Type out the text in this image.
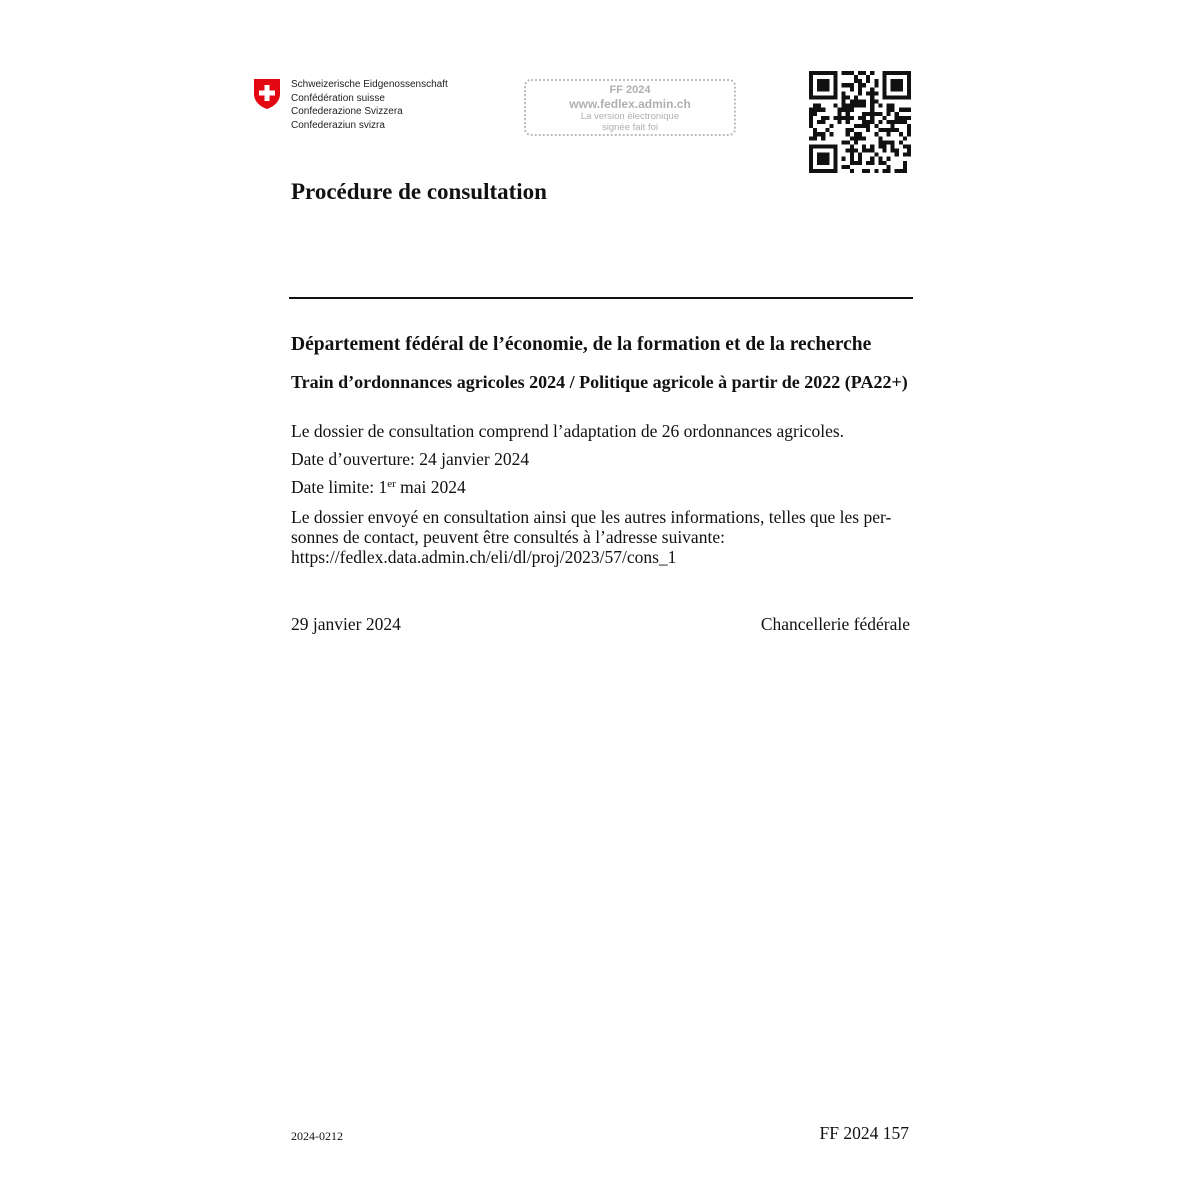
Schweizerische Eidgenossenschaft
Confédération suisse
Confederazione Svizzera
Confederaziun svizra
FF 2024
www.fedlex.admin.ch
La version électronique
signée fait foi
Procédure de consultation
Département fédéral de l’économie, de la formation et de la recherche
Train d’ordonnances agricoles 2024 / Politique agricole à partir de 2022 (PA22+)
Le dossier de consultation comprend l’adaptation de 26 ordonnances agricoles.
Date d’ouverture: 24 janvier 2024
Date limite: 1er mai 2024
Le dossier envoyé en consultation ainsi que les autres informations, telles que les per-sonnes de contact, peuvent être consultés à l’adresse suivante: https://fedlex.data.admin.ch/eli/dl/proj/2023/57/cons_1
29 janvier 2024	Chancellerie fédérale
2024-0212	FF 2024 157
